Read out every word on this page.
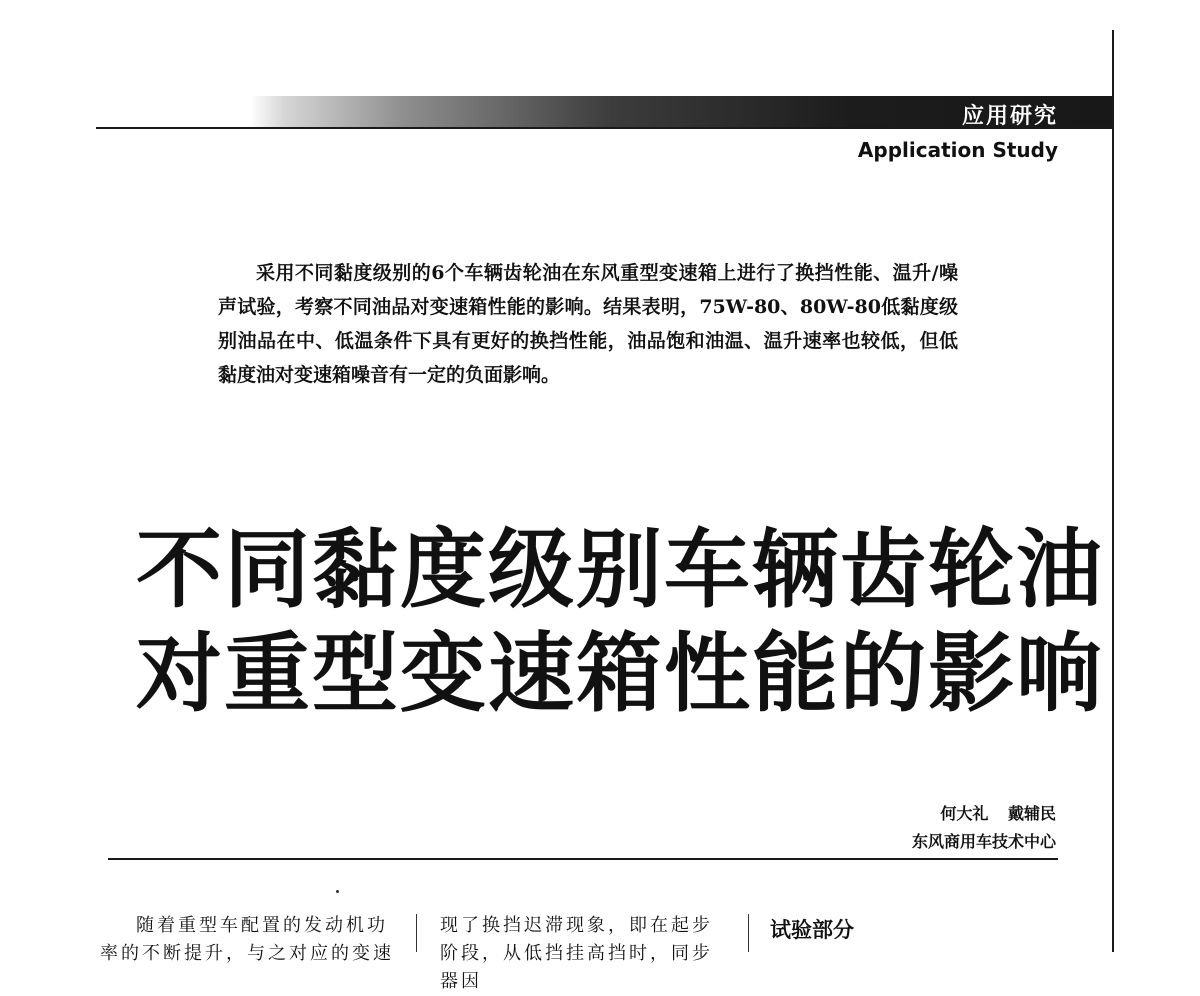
应用研究
Application Study

采用不同黏度级别的6个车辆齿轮油在东风重型变速箱上进行了换挡性能、温升/噪声试验，考察不同油品对变速箱性能的影响。结果表明，75W-80、80W-80低黏度级别油品在中、低温条件下具有更好的换挡性能，油品饱和油温、温升速率也较低，但低黏度油对变速箱噪音有一定的负面影响。

不同黏度级别车辆齿轮油
对重型变速箱性能的影响
何大礼 戴辅民
东风商用车技术中心
随着重型车配置的发动机功率的不断提升，与之对应的变速
现了换挡迟滞现象，即在起步阶段，从低挡挂高挡时，同步器因
试验部分
